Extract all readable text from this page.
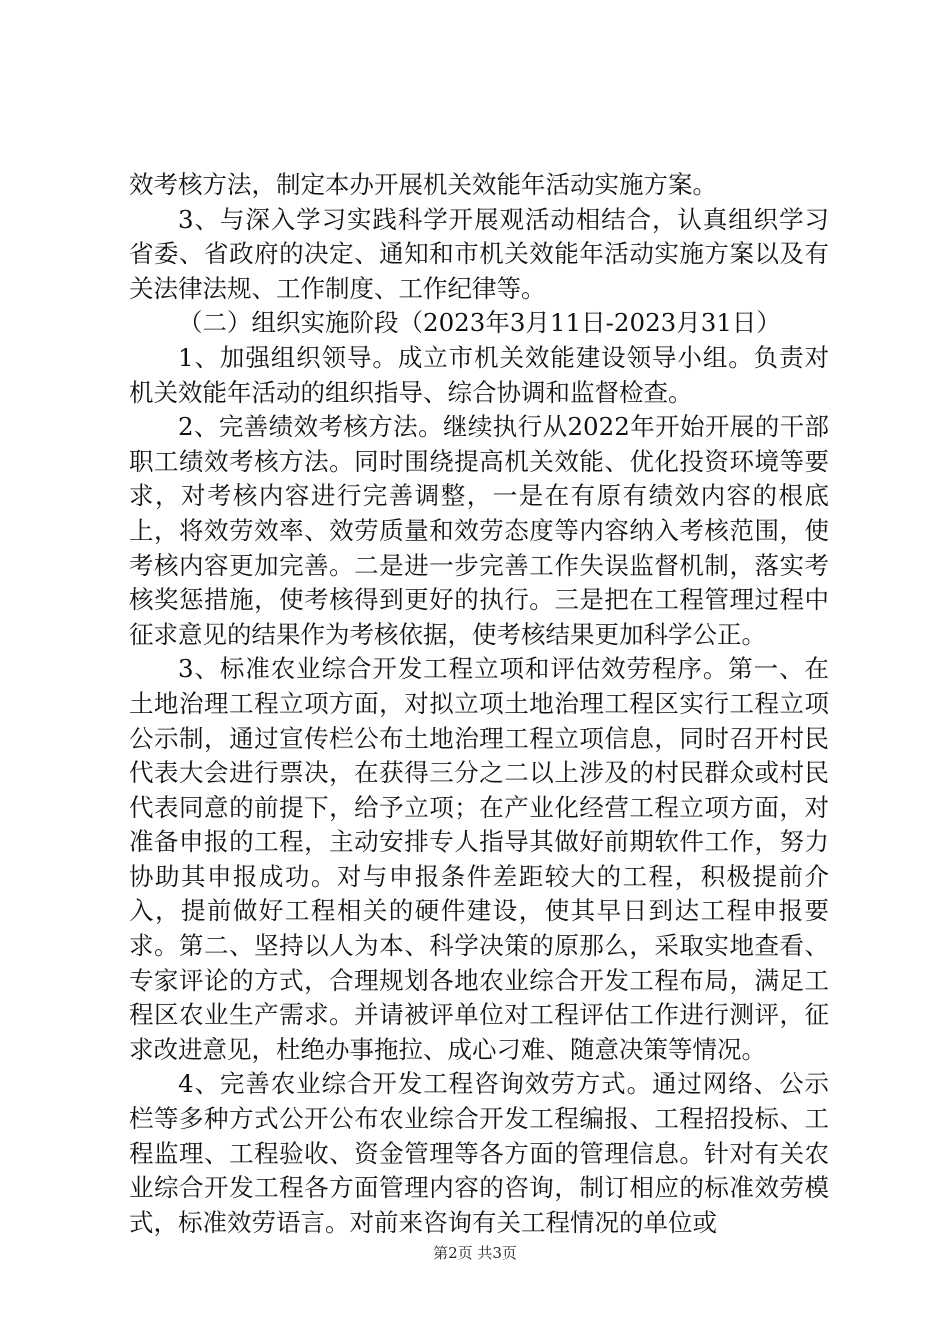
效考核方法，制定本办开展机关效能年活动实施方案。

3、与深入学习实践科学开展观活动相结合，认真组织学习省委、省政府的决定、通知和市机关效能年活动实施方案以及有关法律法规、工作制度、工作纪律等。

（二）组织实施阶段（2023年3月11日-2023月31日）

1、加强组织领导。成立市机关效能建设领导小组。负责对机关效能年活动的组织指导、综合协调和监督检查。

2、完善绩效考核方法。继续执行从2022年开始开展的干部职工绩效考核方法。同时围绕提高机关效能、优化投资环境等要求，对考核内容进行完善调整，一是在有原有绩效内容的根底上，将效劳效率、效劳质量和效劳态度等内容纳入考核范围，使考核内容更加完善。二是进一步完善工作失误监督机制，落实考核奖惩措施，使考核得到更好的执行。三是把在工程管理过程中征求意见的结果作为考核依据，使考核结果更加科学公正。

3、标准农业综合开发工程立项和评估效劳程序。第一、在土地治理工程立项方面，对拟立项土地治理工程区实行工程立项公示制，通过宣传栏公布土地治理工程立项信息，同时召开村民代表大会进行票决，在获得三分之二以上涉及的村民群众或村民代表同意的前提下，给予立项；在产业化经营工程立项方面，对准备申报的工程，主动安排专人指导其做好前期软件工作，努力协助其申报成功。对与申报条件差距较大的工程，积极提前介入，提前做好工程相关的硬件建设，使其早日到达工程申报要求。第二、坚持以人为本、科学决策的原那么，采取实地查看、专家评论的方式，合理规划各地农业综合开发工程布局，满足工程区农业生产需求。并请被评单位对工程评估工作进行测评，征求改进意见，杜绝办事拖拉、成心刁难、随意决策等情况。

4、完善农业综合开发工程咨询效劳方式。通过网络、公示栏等多种方式公开公布农业综合开发工程编报、工程招投标、工程监理、工程验收、资金管理等各方面的管理信息。针对有关农业综合开发工程各方面管理内容的咨询，制订相应的标准效劳模式，标准效劳语言。对前来咨询有关工程情况的单位或

第2页 共3页
